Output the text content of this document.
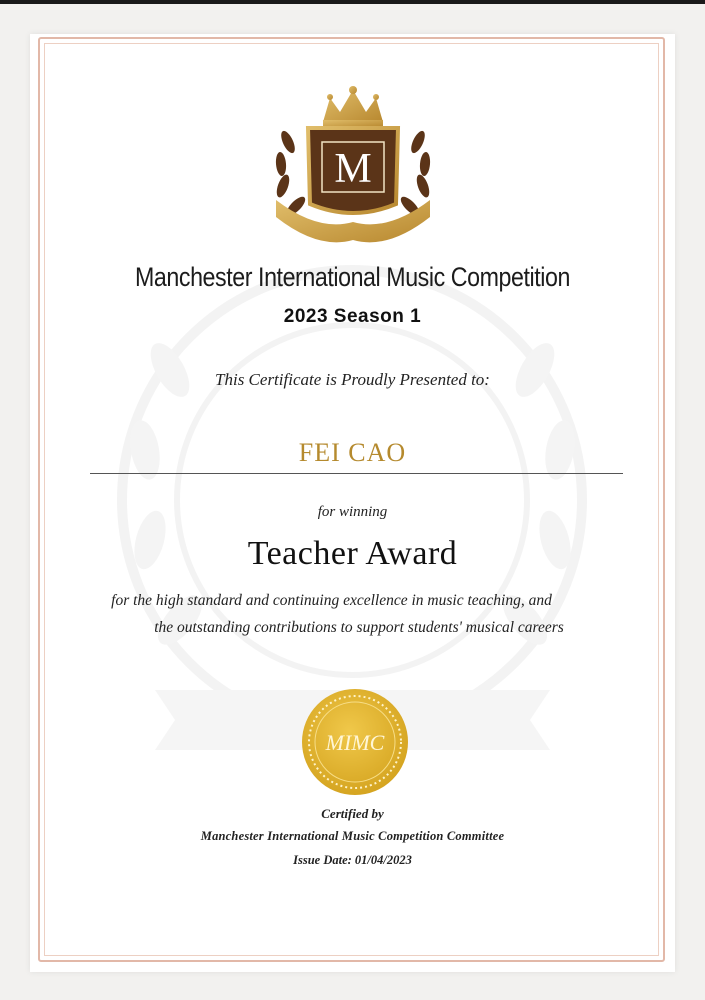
M
Manchester International Music Competition
2023 Season 1
This Certificate is Proudly Presented to:
FEI CAO
for winning
Teacher Award
for the high standard and continuing excellence in music teaching, and
the outstanding contributions to support students' musical careers
MIMC
Certified by
Manchester International Music Competition Committee
Issue Date: 01/04/2023
